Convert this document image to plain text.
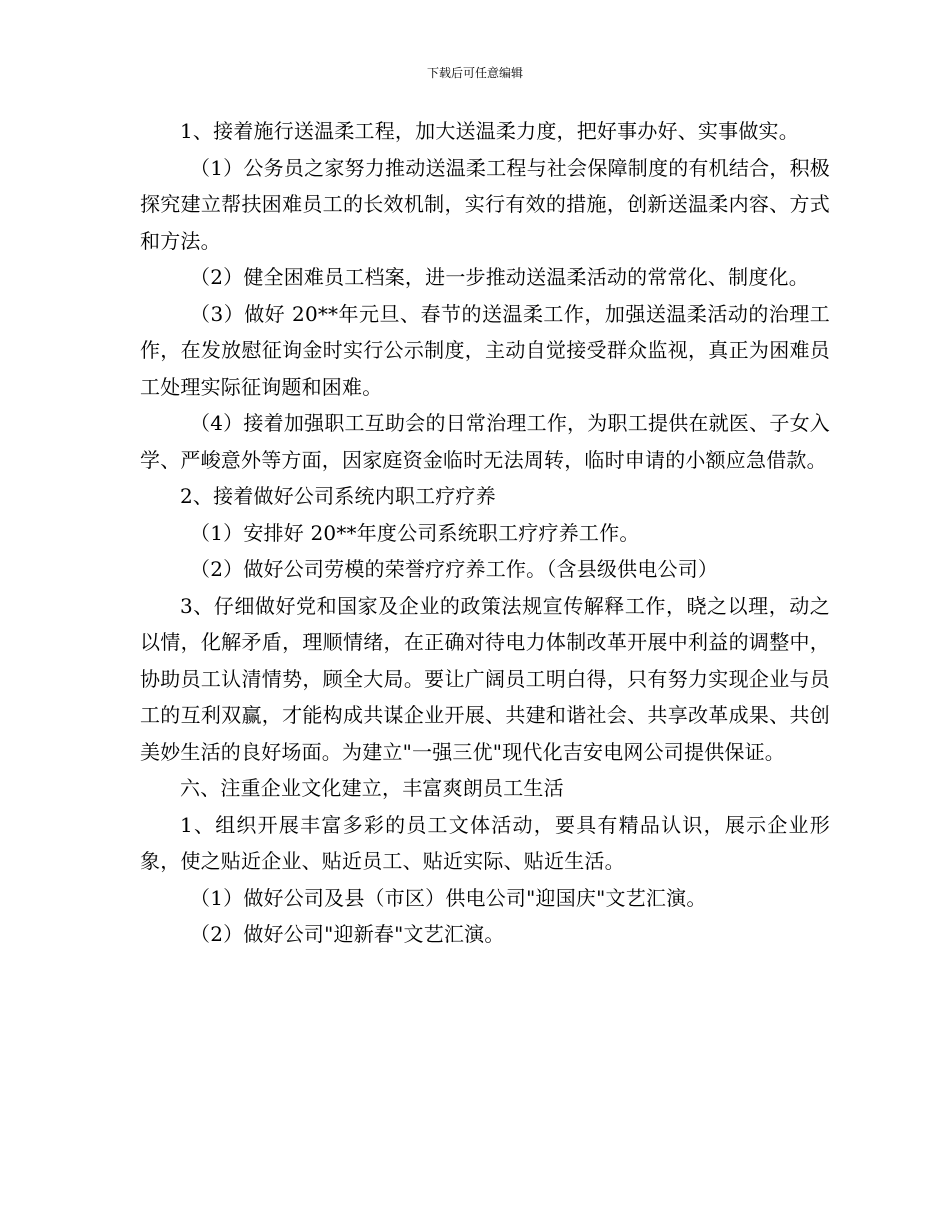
下载后可任意编辑

1、接着施行送温柔工程，加大送温柔力度，把好事办好、实事做实。

（1）公务员之家努力推动送温柔工程与社会保障制度的有机结合，积极探究建立帮扶困难员工的长效机制，实行有效的措施，创新送温柔内容、方式和方法。

（2）健全困难员工档案，进一步推动送温柔活动的常常化、制度化。

（3）做好 20**年元旦、春节的送温柔工作，加强送温柔活动的治理工作，在发放慰征询金时实行公示制度，主动自觉接受群众监视，真正为困难员工处理实际征询题和困难。

（4）接着加强职工互助会的日常治理工作，为职工提供在就医、子女入学、严峻意外等方面，因家庭资金临时无法周转，临时申请的小额应急借款。

2、接着做好公司系统内职工疗疗养

（1）安排好 20**年度公司系统职工疗疗养工作。

（2）做好公司劳模的荣誉疗疗养工作。（含县级供电公司）

3、仔细做好党和国家及企业的政策法规宣传解释工作，晓之以理，动之以情，化解矛盾，理顺情绪，在正确对待电力体制改革开展中利益的调整中，协助员工认清情势，顾全大局。要让广阔员工明白得，只有努力实现企业与员工的互利双赢，才能构成共谋企业开展、共建和谐社会、共享改革成果、共创美妙生活的良好场面。为建立"一强三优"现代化吉安电网公司提供保证。

六、注重企业文化建立，丰富爽朗员工生活

1、组织开展丰富多彩的员工文体活动，要具有精品认识，展示企业形象，使之贴近企业、贴近员工、贴近实际、贴近生活。

（1）做好公司及县（市区）供电公司"迎国庆"文艺汇演。

（2）做好公司"迎新春"文艺汇演。
